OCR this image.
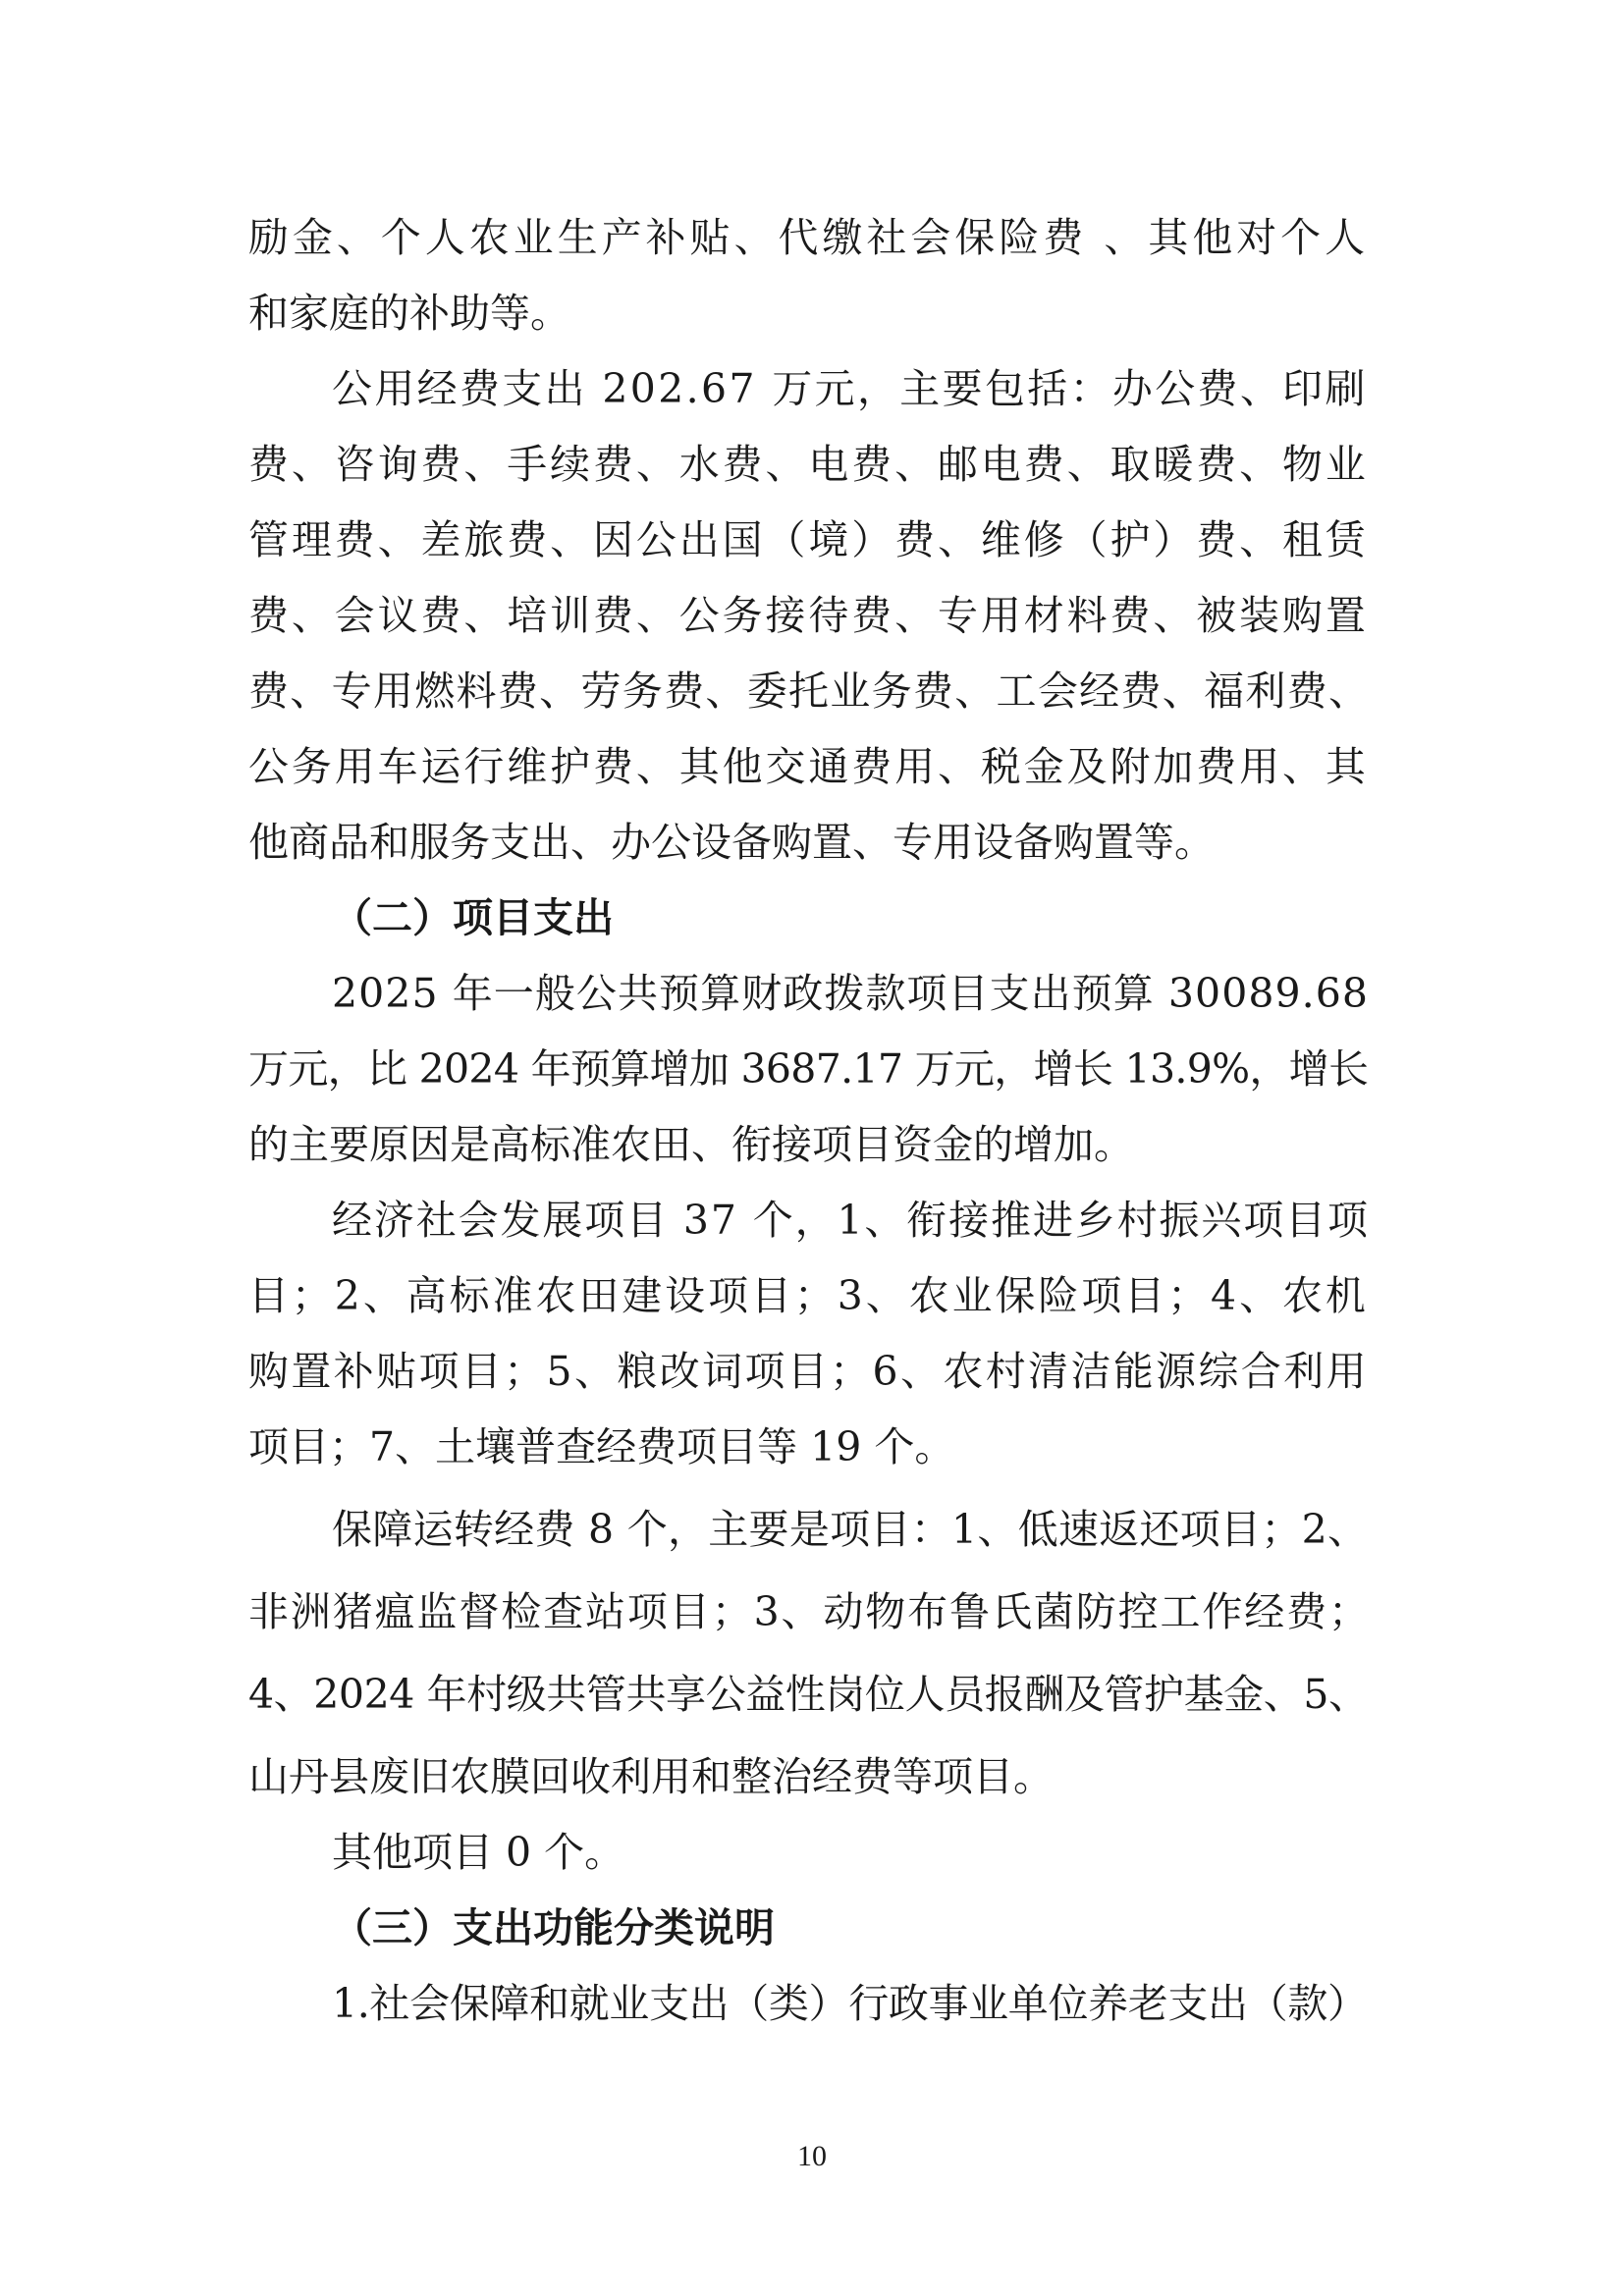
励金、个人农业生产补贴、代缴社会保险费 、其他对个人
和家庭的补助等。
公用经费支出 202.67 万元，主要包括：办公费、印刷
费、咨询费、手续费、水费、电费、邮电费、取暖费、物业
管理费、差旅费、因公出国（境）费、维修（护）费、租赁
费、会议费、培训费、公务接待费、专用材料费、被装购置
费、专用燃料费、劳务费、委托业务费、工会经费、福利费、
公务用车运行维护费、其他交通费用、税金及附加费用、其
他商品和服务支出、办公设备购置、专用设备购置等。
（二）项目支出
2025 年一般公共预算财政拨款项目支出预算 30089.68
万元，比 2024 年预算增加 3687.17 万元，增长 13.9%，增长
的主要原因是高标准农田、衔接项目资金的增加。
经济社会发展项目 37 个，1、衔接推进乡村振兴项目项
目；2、高标准农田建设项目；3、农业保险项目；4、农机
购置补贴项目；5、粮改词项目；6、农村清洁能源综合利用
项目；7、土壤普查经费项目等 19 个。
保障运转经费 8 个，主要是项目：1、低速返还项目；2、
非洲猪瘟监督检查站项目；3、动物布鲁氏菌防控工作经费；
4、2024 年村级共管共享公益性岗位人员报酬及管护基金、5、
山丹县废旧农膜回收利用和整治经费等项目。
其他项目 0 个。
（三）支出功能分类说明
1.社会保障和就业支出（类）行政事业单位养老支出（款）
10
